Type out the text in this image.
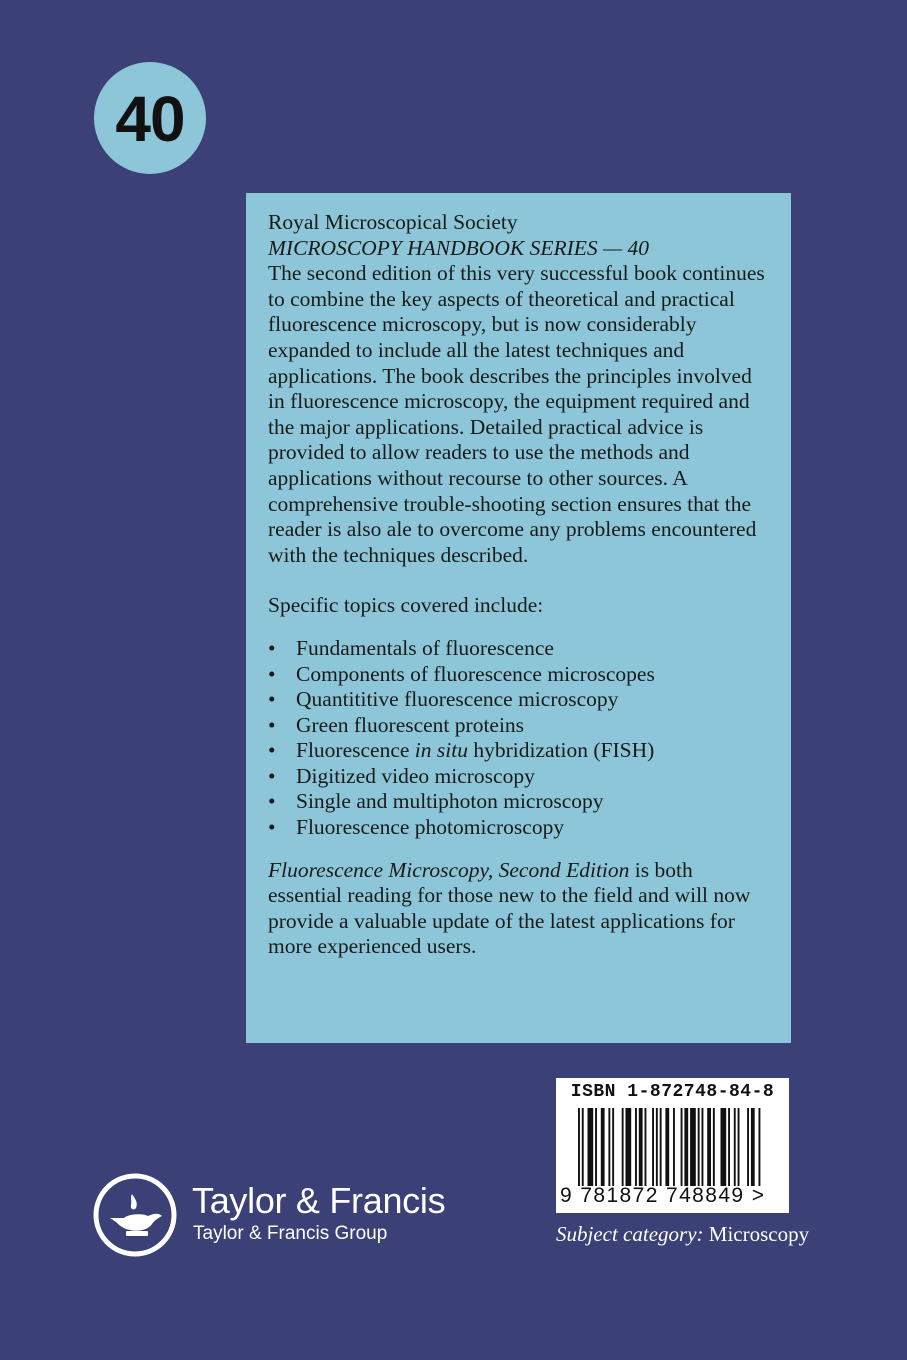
40

Royal Microscopical Society

MICROSCOPY HANDBOOK SERIES — 40

The second edition of this very successful book continues to combine the key aspects of theoretical and practical fluorescence microscopy, but is now considerably expanded to include all the latest techniques and applications. The book describes the principles involved in fluorescence microscopy, the equipment required and the major applications. Detailed practical advice is provided to allow readers to use the methods and applications without recourse to other sources. A comprehensive trouble-shooting section ensures that the reader is also ale to overcome any problems encountered with the techniques described.

Specific topics covered include:

• Fundamentals of fluorescence
• Components of fluorescence microscopes
• Quantititive fluorescence microscopy
• Green fluorescent proteins
• Fluorescence in situ hybridization (FISH)
• Digitized video microscopy
• Single and multiphoton microscopy
• Fluorescence photomicroscopy

Fluorescence Microscopy, Second Edition is both essential reading for those new to the field and will now provide a valuable update of the latest applications for more experienced users.

ISBN 1-872748-84-8
9 781872 748849 >
Subject category: Microscopy
Taylor & Francis
Taylor & Francis Group
